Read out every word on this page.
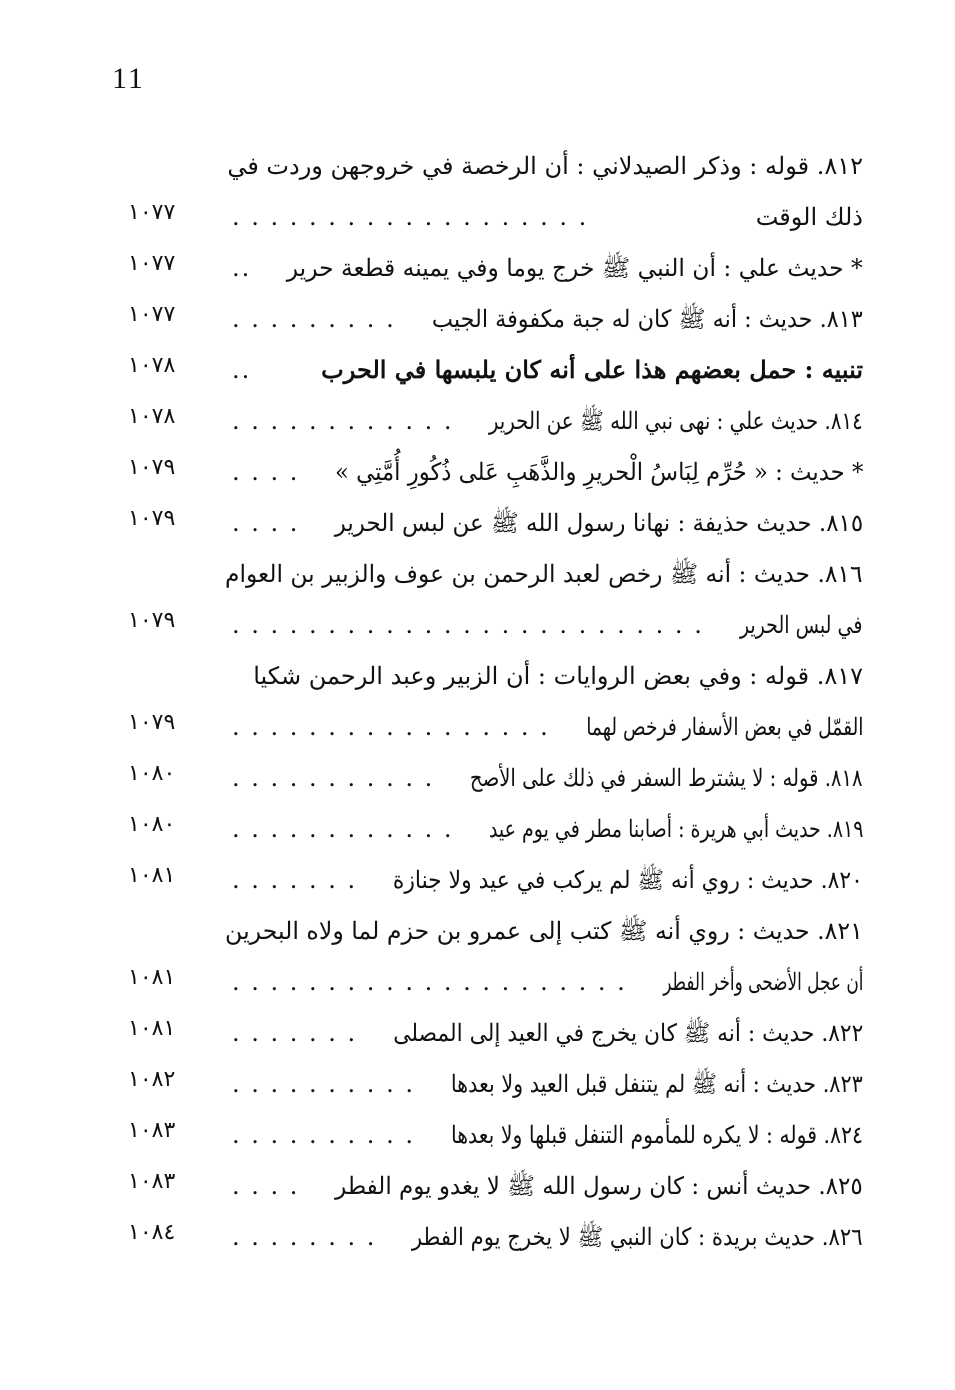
11
٨١٢. قوله : وذكر الصيدلاني : أن الرخصة في خروجهن وردت في
ذلك الوقت
. . . . . . . . . . . . . . . . . . .
١٠٧٧
* حديث علي : أن النبي ﷺ خرج يوما وفي يمينه قطعة حرير
..
١٠٧٧
٨١٣. حديث : أنه ﷺ كان له جبة مكفوفة الجيب
. . . . . . . . .
١٠٧٧
تنبيه : حمل بعضهم هذا على أنه كان يلبسها في الحرب
..
١٠٧٨
٨١٤. حديث علي : نهى نبي الله ﷺ عن الحرير
. . . . . . . . . . . .
١٠٧٨
* حديث : « حُرِّم لِبَاسُ الْحريرِ والذَّهَبِ عَلى ذُكُورِ أُمَّتِي »
. . . .
١٠٧٩
٨١٥. حديث حذيفة : نهانا رسول الله ﷺ عن لبس الحرير
. . . .
١٠٧٩
٨١٦. حديث : أنه ﷺ رخص لعبد الرحمن بن عوف والزبير بن العوام
في لبس الحرير
. . . . . . . . . . . . . . . . . . . . . . . . .
١٠٧٩
٨١٧. قوله : وفي بعض الروايات : أن الزبير وعبد الرحمن شكيا
القمّل في بعض الأسفار فرخص لهما
. . . . . . . . . . . . . . . . .
١٠٧٩
٨١٨. قوله : لا يشترط السفر في ذلك على الأصح
. . . . . . . . . . .
١٠٨٠
٨١٩. حديث أبي هريرة : أصابنا مطر في يوم عيد
. . . . . . . . . . . .
١٠٨٠
٨٢٠. حديث : روي أنه ﷺ لم يركب في عيد ولا جنازة
. . . . . . .
١٠٨١
٨٢١. حديث : روي أنه ﷺ كتب إلى عمرو بن حزم لما ولاه البحرين
أن عجل الأضحى وأخر الفطر
. . . . . . . . . . . . . . . . . . . . .
١٠٨١
٨٢٢. حديث : أنه ﷺ كان يخرج في العيد إلى المصلى
. . . . . . .
١٠٨١
٨٢٣. حديث : أنه ﷺ لم يتنفل قبل العيد ولا بعدها
. . . . . . . . . .
١٠٨٢
٨٢٤. قوله : لا يكره للمأموم التنفل قبلها ولا بعدها
. . . . . . . . . .
١٠٨٣
٨٢٥. حديث أنس : كان رسول الله ﷺ لا يغدو يوم الفطر
. . . .
١٠٨٣
٨٢٦. حديث بريدة : كان النبي ﷺ لا يخرج يوم الفطر
. . . . . . . .
١٠٨٤
